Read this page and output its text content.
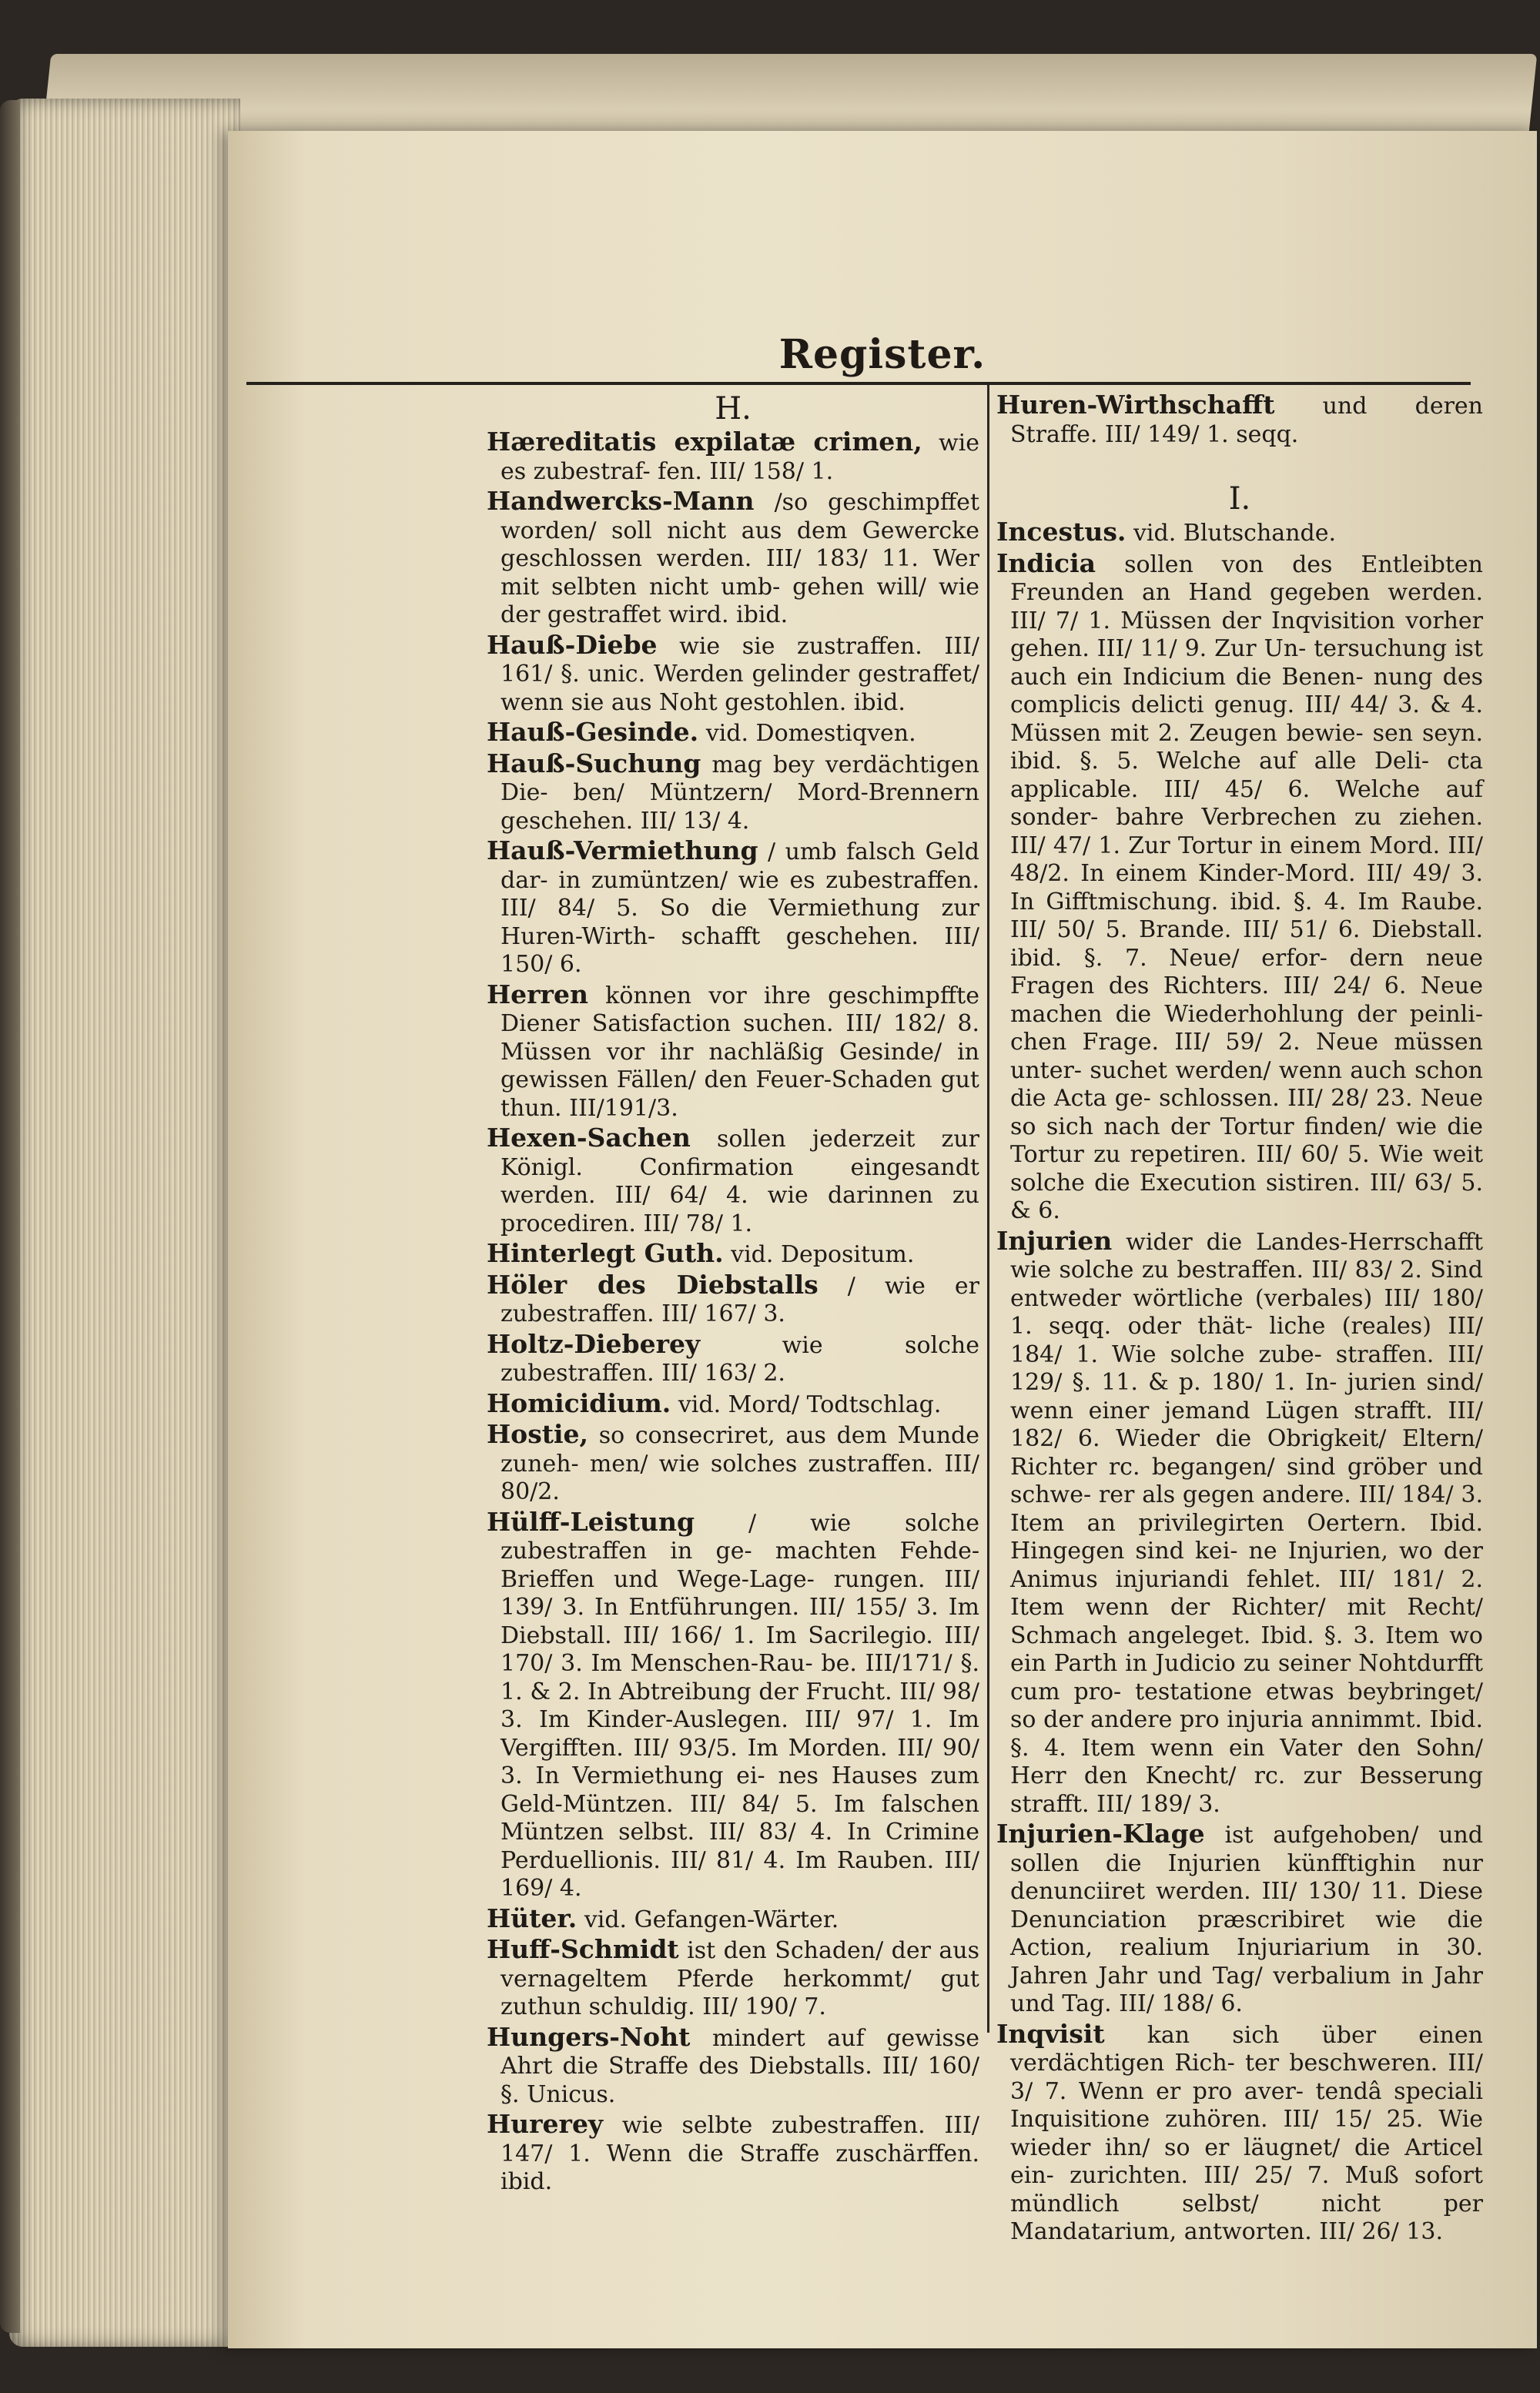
Register.
H.

Hæreditatis expilatæ crimen, wie es zubestraf- fen. III/ 158/ 1.

Handwercks-Mann /so geschimpffet worden/ soll nicht aus dem Gewercke geschlossen werden. III/ 183/ 11. Wer mit selbten nicht umb- gehen will/ wie der gestraffet wird. ibid.

Hauß-Diebe wie sie zustraffen. III/ 161/ §. unic. Werden gelinder gestraffet/ wenn sie aus Noht gestohlen. ibid.

Hauß-Gesinde. vid. Domestiqven.

Hauß-Suchung mag bey verdächtigen Die- ben/ Müntzern/ Mord-Brennern geschehen. III/ 13/ 4.

Hauß-Vermiethung / umb falsch Geld dar- in zumüntzen/ wie es zubestraffen. III/ 84/ 5. So die Vermiethung zur Huren-Wirth- schafft geschehen. III/ 150/ 6.

Herren können vor ihre geschimpffte Diener Satisfaction suchen. III/ 182/ 8. Müssen vor ihr nachläßig Gesinde/ in gewissen Fällen/ den Feuer-Schaden gut thun. III/191/3.

Hexen-Sachen sollen jederzeit zur Königl. Confirmation eingesandt werden. III/ 64/ 4. wie darinnen zu procediren. III/ 78/ 1.

Hinterlegt Guth. vid. Depositum.

Höler des Diebstalls / wie er zubestraffen. III/ 167/ 3.

Holtz-Dieberey	wie solche zubestraffen. III/ 163/ 2.

Homicidium. vid. Mord/ Todtschlag.

Hostie, so consecriret, aus dem Munde zuneh- men/ wie solches zustraffen. III/ 80/2.

Hülff-Leistung / wie solche zubestraffen in ge- machten Fehde-Brieffen und Wege-Lage- rungen. III/ 139/ 3. In Entführungen. III/ 155/ 3. Im Diebstall. III/ 166/ 1. Im Sacrilegio. III/ 170/ 3. Im Menschen-Rau- be. III/171/ §. 1. & 2. In Abtreibung der Frucht. III/ 98/ 3. Im Kinder-Auslegen. III/ 97/ 1. Im Vergifften. III/ 93/5. Im Morden. III/ 90/ 3. In Vermiethung ei- nes Hauses zum Geld-Müntzen. III/ 84/ 5. Im falschen Müntzen selbst. III/ 83/ 4. In Crimine Perduellionis. III/ 81/ 4. Im Rauben. III/ 169/ 4.

Hüter. vid. Gefangen-Wärter.

Huff-Schmidt ist den Schaden/ der aus vernageltem Pferde herkommt/ gut zuthun schuldig. III/ 190/ 7.

Hungers-Noht mindert auf gewisse Ahrt die Straffe des Diebstalls. III/ 160/ §. Unicus.

Hurerey wie selbte zubestraffen. III/ 147/ 1. Wenn die Straffe zuschärffen. ibid.

Huren-Wirthschafft und deren Straffe. III/ 149/ 1. seqq.

I.

Incestus. vid. Blutschande.

Indicia sollen von des Entleibten Freunden an Hand gegeben werden. III/ 7/ 1. Müssen der Inqvisition vorher gehen. III/ 11/ 9. Zur Un- tersuchung ist auch ein Indicium die Benen- nung des complicis delicti genug. III/ 44/ 3. & 4. Müssen mit 2. Zeugen bewie- sen seyn. ibid. §. 5. Welche auf alle Deli- cta applicable. III/ 45/ 6. Welche auf sonder- bahre Verbrechen zu ziehen. III/ 47/ 1. Zur Tortur in einem Mord. III/ 48/2. In einem Kinder-Mord. III/ 49/ 3. In Gifftmischung. ibid. §. 4. Im Raube. III/ 50/ 5. Brande. III/ 51/ 6. Diebstall. ibid. §. 7. Neue/ erfor- dern neue Fragen des Richters. III/ 24/ 6. Neue machen die Wiederhohlung der peinli- chen Frage. III/ 59/ 2. Neue müssen unter- suchet werden/ wenn auch schon die Acta ge- schlossen. III/ 28/ 23. Neue so sich nach der Tortur finden/ wie die Tortur zu repetiren. III/ 60/ 5. Wie weit solche die Execution sistiren. III/ 63/ 5. & 6.

Injurien wider die Landes-Herrschafft wie solche zu bestraffen. III/ 83/ 2. Sind entweder wörtliche (verbales) III/ 180/ 1. seqq. oder thät- liche (reales) III/ 184/ 1. Wie solche zube- straffen. III/ 129/ §. 11. & p. 180/ 1. In- jurien sind/ wenn einer jemand Lügen strafft. III/ 182/ 6. Wieder die Obrigkeit/ Eltern/ Richter rc. begangen/ sind gröber und schwe- rer als gegen andere. III/ 184/ 3. Item an privilegirten Oertern. Ibid. Hingegen sind kei- ne Injurien, wo der Animus injuriandi fehlet. III/ 181/ 2. Item wenn der Richter/ mit Recht/ Schmach angeleget. Ibid. §. 3. Item wo ein Parth in Judicio zu seiner Nohtdurfft cum pro- testatione etwas beybringet/ so der andere pro injuria annimmt. Ibid. §. 4. Item wenn ein Vater den Sohn/ Herr den Knecht/ rc. zur Besserung strafft. III/ 189/ 3.

Injurien-Klage ist aufgehoben/ und sollen die Injurien künfftighin nur denunciiret werden. III/ 130/ 11. Diese Denunciation præscribiret wie die Action, realium Injuriarium in 30. Jahren Jahr und Tag/ verbalium in Jahr und Tag. III/ 188/ 6.

Inqvisit kan sich über einen verdächtigen Rich- ter beschweren. III/ 3/ 7. Wenn er pro aver- tendâ speciali Inquisitione zuhören. III/ 15/ 25. Wie wieder ihn/ so er läugnet/ die Articel ein- zurichten. III/ 25/ 7. Muß sofort mündlich selbst/ nicht per Mandatarium, antworten. III/ 26/ 13.
